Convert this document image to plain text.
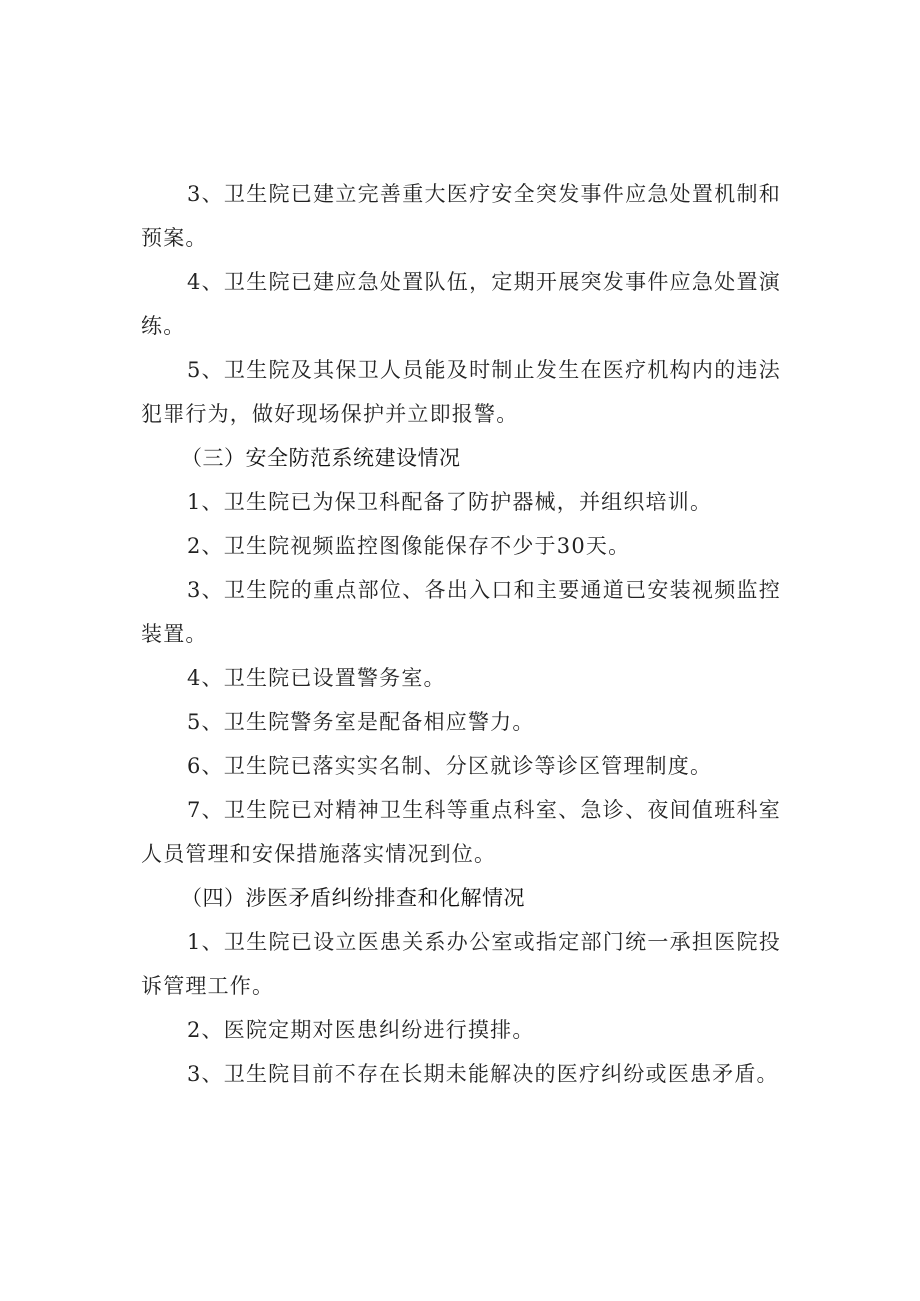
3、卫生院已建立完善重大医疗安全突发事件应急处置机制和预案。

4、卫生院已建应急处置队伍，定期开展突发事件应急处置演练。

5、卫生院及其保卫人员能及时制止发生在医疗机构内的违法犯罪行为，做好现场保护并立即报警。

（三）安全防范系统建设情况

1、卫生院已为保卫科配备了防护器械，并组织培训。

2、卫生院视频监控图像能保存不少于30天。

3、卫生院的重点部位、各出入口和主要通道已安装视频监控装置。

4、卫生院已设置警务室。

5、卫生院警务室是配备相应警力。

6、卫生院已落实实名制、分区就诊等诊区管理制度。

7、卫生院已对精神卫生科等重点科室、急诊、夜间值班科室人员管理和安保措施落实情况到位。

（四）涉医矛盾纠纷排查和化解情况

1、卫生院已设立医患关系办公室或指定部门统一承担医院投诉管理工作。

2、医院定期对医患纠纷进行摸排。

3、卫生院目前不存在长期未能解决的医疗纠纷或医患矛盾。
